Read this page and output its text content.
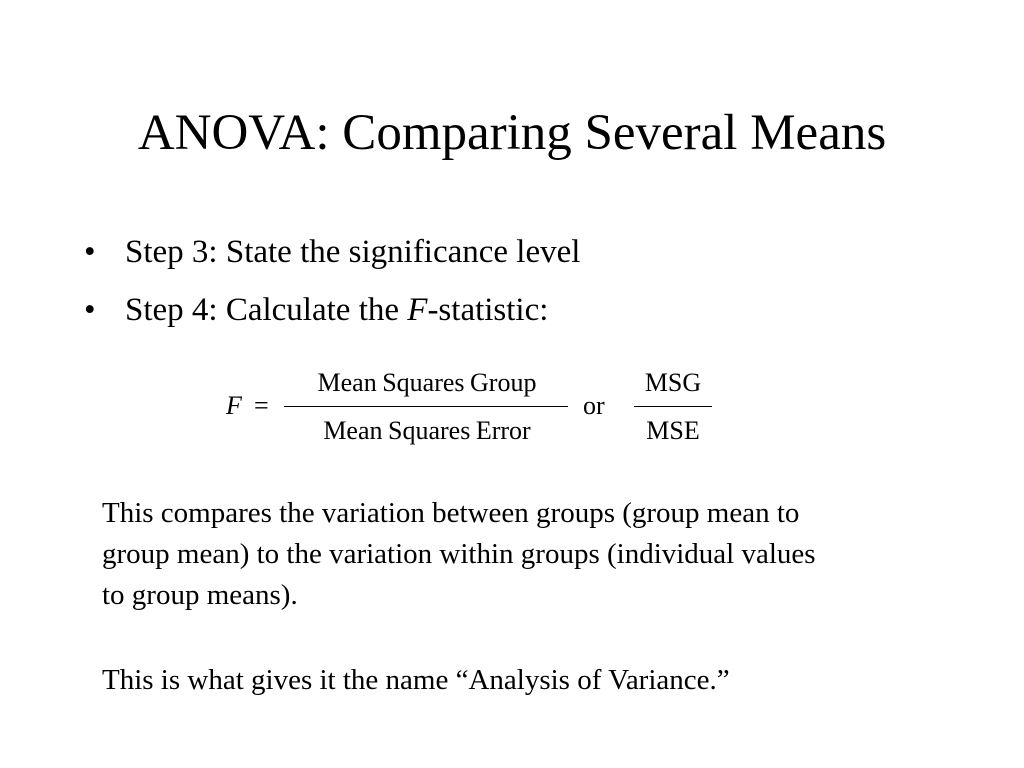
ANOVA: Comparing Several Means
• Step 3: State the significance level
• Step 4: Calculate the F-statistic:
F =
Mean Squares Group
Mean Squares Error
or
MSG
MSE
This compares the variation between groups (group mean to group mean) to the variation within groups (individual values to group means).
This is what gives it the name “Analysis of Variance.”
